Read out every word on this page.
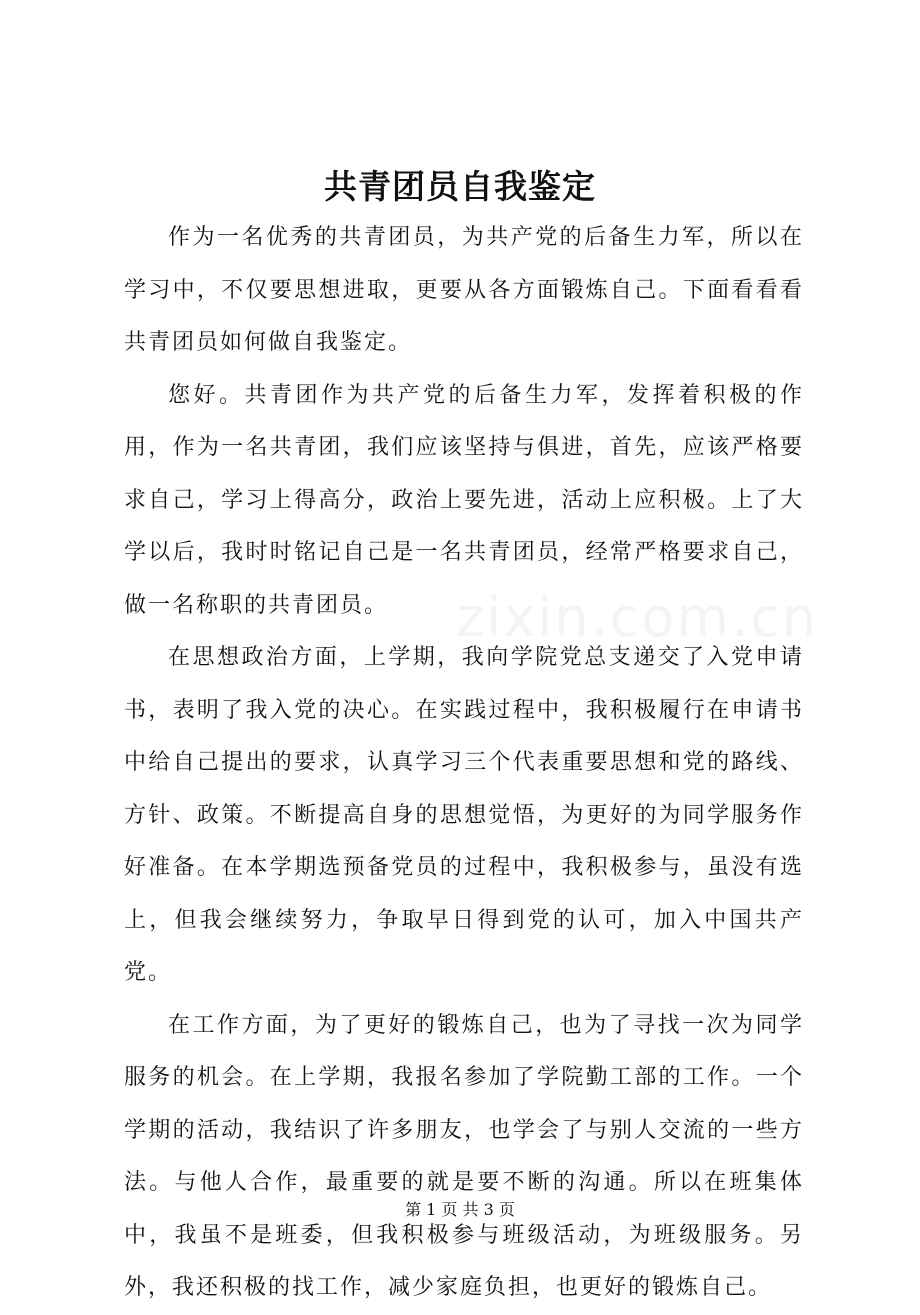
共青团员自我鉴定

作为一名优秀的共青团员，为共产党的后备生力军，所以在学习中，不仅要思想进取，更要从各方面锻炼自己。下面看看看共青团员如何做自我鉴定。

您好。共青团作为共产党的后备生力军，发挥着积极的作用，作为一名共青团，我们应该坚持与俱进，首先，应该严格要求自己，学习上得高分，政治上要先进，活动上应积极。上了大学以后，我时时铭记自己是一名共青团员，经常严格要求自己，做一名称职的共青团员。

在思想政治方面，上学期，我向学院党总支递交了入党申请书，表明了我入党的决心。在实践过程中，我积极履行在申请书中给自己提出的要求，认真学习三个代表重要思想和党的路线、方针、政策。不断提高自身的思想觉悟，为更好的为同学服务作好准备。在本学期选预备党员的过程中，我积极参与，虽没有选上，但我会继续努力，争取早日得到党的认可，加入中国共产党。

在工作方面，为了更好的锻炼自己，也为了寻找一次为同学服务的机会。在上学期，我报名参加了学院勤工部的工作。一个学期的活动，我结识了许多朋友，也学会了与别人交流的一些方法。与他人合作，最重要的就是要不断的沟通。所以在班集体中，我虽不是班委，但我积极参与班级活动，为班级服务。另外，我还积极的找工作，减少家庭负担，也更好的锻炼自己。

zixin.com.cn
第 1 页 共 3 页
